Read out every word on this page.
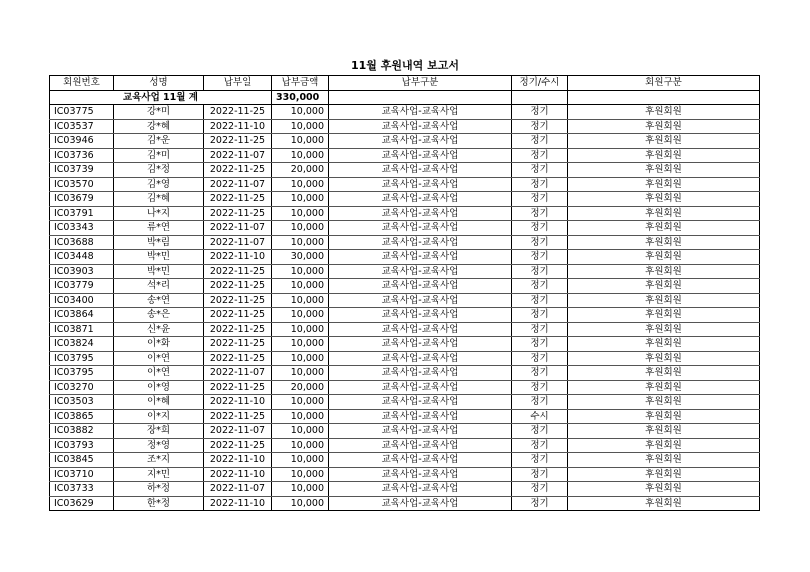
11월 후원내역 보고서
회원번호	성명	납부일	납부금액	납부구분	정기/수시	회원구분
교육사업 11월 계			330,000			
IC03775	강*미	2022-11-25	10,000	교육사업-교육사업	정기	후원회원
IC03537	강*혜	2022-11-10	10,000	교육사업-교육사업	정기	후원회원
IC03946	김*운	2022-11-25	10,000	교육사업-교육사업	정기	후원회원
IC03736	김*미	2022-11-07	10,000	교육사업-교육사업	정기	후원회원
IC03739	김*정	2022-11-25	20,000	교육사업-교육사업	정기	후원회원
IC03570	김*영	2022-11-07	10,000	교육사업-교육사업	정기	후원회원
IC03679	김*혜	2022-11-25	10,000	교육사업-교육사업	정기	후원회원
IC03791	나*지	2022-11-25	10,000	교육사업-교육사업	정기	후원회원
IC03343	류*연	2022-11-07	10,000	교육사업-교육사업	정기	후원회원
IC03688	박*림	2022-11-07	10,000	교육사업-교육사업	정기	후원회원
IC03448	박*민	2022-11-10	30,000	교육사업-교육사업	정기	후원회원
IC03903	박*민	2022-11-25	10,000	교육사업-교육사업	정기	후원회원
IC03779	석*리	2022-11-25	10,000	교육사업-교육사업	정기	후원회원
IC03400	송*연	2022-11-25	10,000	교육사업-교육사업	정기	후원회원
IC03864	송*은	2022-11-25	10,000	교육사업-교육사업	정기	후원회원
IC03871	신*윤	2022-11-25	10,000	교육사업-교육사업	정기	후원회원
IC03824	이*화	2022-11-25	10,000	교육사업-교육사업	정기	후원회원
IC03795	이*연	2022-11-25	10,000	교육사업-교육사업	정기	후원회원
IC03795	이*연	2022-11-07	10,000	교육사업-교육사업	정기	후원회원
IC03270	이*영	2022-11-25	20,000	교육사업-교육사업	정기	후원회원
IC03503	이*혜	2022-11-10	10,000	교육사업-교육사업	정기	후원회원
IC03865	이*지	2022-11-25	10,000	교육사업-교육사업	수시	후원회원
IC03882	장*희	2022-11-07	10,000	교육사업-교육사업	정기	후원회원
IC03793	정*영	2022-11-25	10,000	교육사업-교육사업	정기	후원회원
IC03845	조*지	2022-11-10	10,000	교육사업-교육사업	정기	후원회원
IC03710	지*민	2022-11-10	10,000	교육사업-교육사업	정기	후원회원
IC03733	하*정	2022-11-07	10,000	교육사업-교육사업	정기	후원회원
IC03629	한*정	2022-11-10	10,000	교육사업-교육사업	정기	후원회원
